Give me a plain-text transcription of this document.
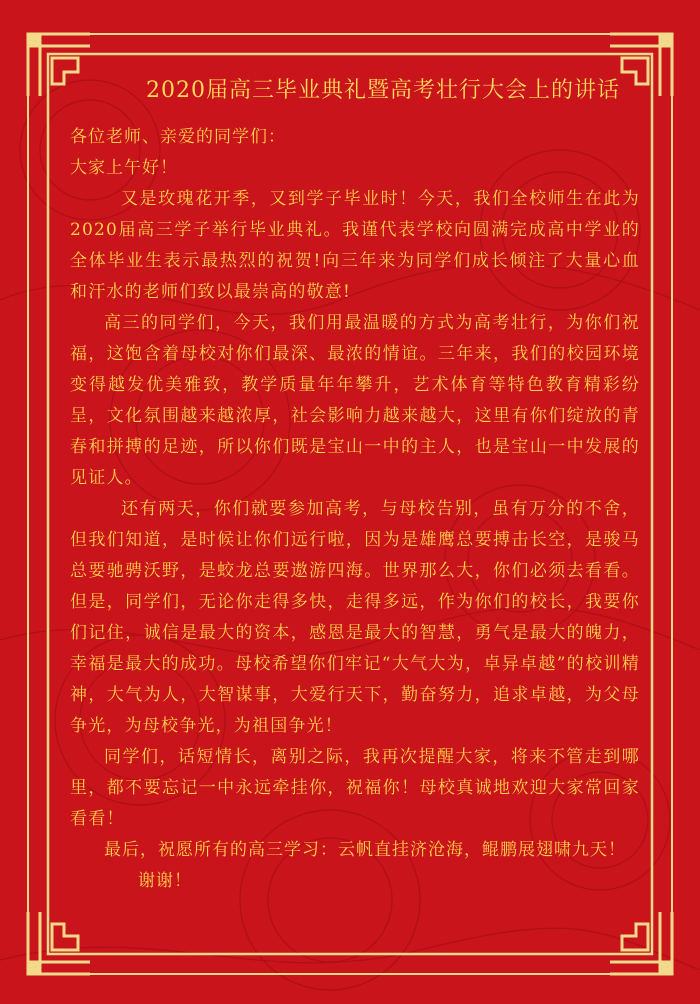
2020届高三毕业典礼暨高考壮行大会上的讲话

各位老师、亲爱的同学们：

大家上午好！

又是玫瑰花开季，又到学子毕业时！今天，我们全校师生在此为2020届高三学子举行毕业典礼。我谨代表学校向圆满完成高中学业的全体毕业生表示最热烈的祝贺!向三年来为同学们成长倾注了大量心血和汗水的老师们致以最崇高的敬意!

高三的同学们，今天，我们用最温暖的方式为高考壮行，为你们祝福，这饱含着母校对你们最深、最浓的情谊。三年来，我们的校园环境变得越发优美雅致，教学质量年年攀升，艺术体育等特色教育精彩纷呈，文化氛围越来越浓厚，社会影响力越来越大，这里有你们绽放的青春和拼搏的足迹，所以你们既是宝山一中的主人，也是宝山一中发展的见证人。

还有两天，你们就要参加高考，与母校告别，虽有万分的不舍，但我们知道，是时候让你们远行啦，因为是雄鹰总要搏击长空，是骏马总要驰骋沃野，是蛟龙总要遨游四海。世界那么大，你们必须去看看。但是，同学们，无论你走得多快，走得多远，作为你们的校长，我要你们记住，诚信是最大的资本，感恩是最大的智慧，勇气是最大的魄力，幸福是最大的成功。母校希望你们牢记“大气大为，卓异卓越”的校训精神，大气为人，大智谋事，大爱行天下，勤奋努力，追求卓越，为父母争光，为母校争光，为祖国争光！

同学们，话短情长，离别之际，我再次提醒大家，将来不管走到哪里，都不要忘记一中永远牵挂你，祝福你！母校真诚地欢迎大家常回家看看！

最后，祝愿所有的高三学习：云帆直挂济沧海，鲲鹏展翅啸九天！

谢谢！
